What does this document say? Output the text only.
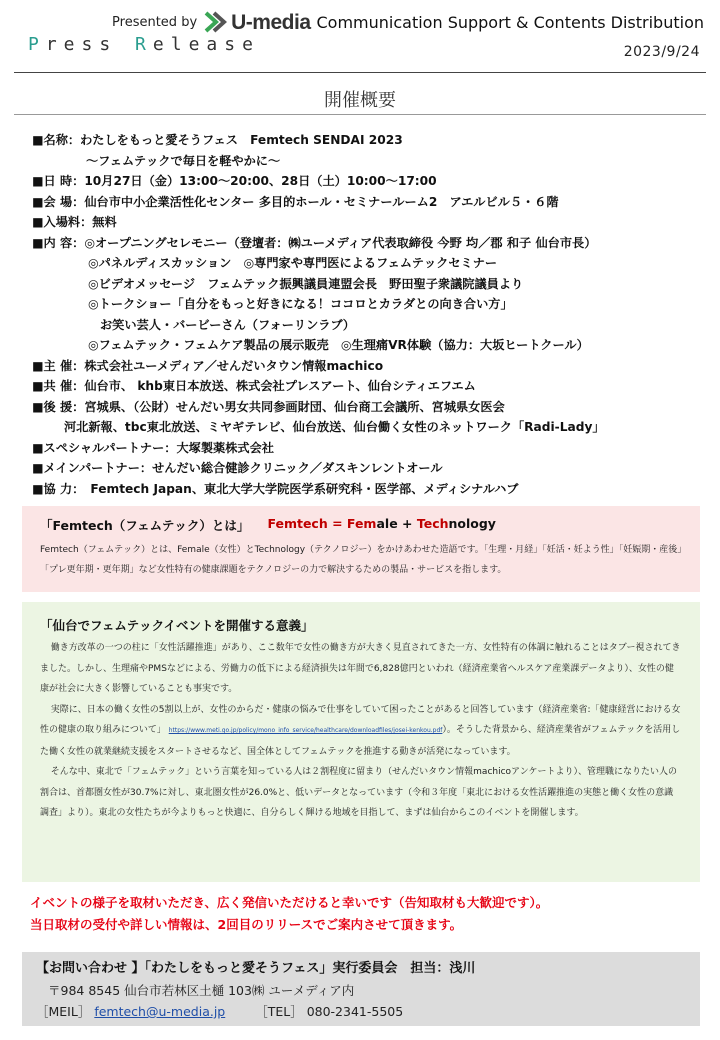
Presented by U-media Communication Support & Contents Distribution
Press Release	2023/9/24
開催概要
■名称：わたしをもっと愛そうフェス　Femtech SENDAI 2023
～フェムテックで毎日を軽やかに～
■日 時：10月27日（金）13:00～20:00、28日（土）10:00～17:00
■会 場：仙台市中小企業活性化センター 多目的ホール・セミナールーム2　アエルビル５・６階
■入場料：無料
■内 容：◎オープニングセレモニー（登壇者：㈱ユーメディア代表取締役 今野 均／郡 和子 仙台市長）
◎パネルディスカッション　◎専門家や専門医によるフェムテックセミナー
◎ビデオメッセージ　フェムテック振興議員連盟会長　野田聖子衆議院議員より
◎トークショー「自分をもっと好きになる！ココロとカラダとの向き合い方」
お笑い芸人・バービーさん（フォーリンラブ）
◎フェムテック・フェムケア製品の展示販売　◎生理痛VR体験（協力：大坂ヒートクール）
■主 催：株式会社ユーメディア／せんだいタウン情報machico
■共 催：仙台市、 khb東日本放送、株式会社プレスアート、仙台シティエフエム
■後 援：宮城県、（公財）せんだい男女共同参画財団、仙台商工会議所、宮城県女医会
河北新報、tbc東北放送、ミヤギテレビ、仙台放送、仙台働く女性のネットワーク「Radi-Lady」
■スペシャルパートナー：大塚製薬株式会社
■メインパートナー：せんだい総合健診クリニック／ダスキンレントオール
■協 力：　Femtech Japan、東北大学大学院医学系研究科・医学部、メディシナルハブ
「Femtech（フェムテック）とは」 Femtech = Female + Technology
Femtech（フェムテック）とは、Female（女性）とTechnology（テクノロジー）をかけあわせた造語です。「生理・月経」「妊活・妊よう性」「妊娠期・産後」「プレ更年期・更年期」など女性特有の健康課題をテクノロジーの力で解決するための製品・サービスを指します。
「仙台でフェムテックイベントを開催する意義」

働き方改革の一つの柱に「女性活躍推進」があり、ここ数年で女性の働き方が大きく見直されてきた一方、女性特有の体調に触れることはタブー視されてきました。しかし、生理痛やPMSなどによる、労働力の低下による経済損失は年間で6,828億円といわれ（経済産業省ヘルスケア産業課データより）、女性の健康が社会に大きく影響していることも事実です。

実際に、日本の働く女性の5割以上が、女性のからだ・健康の悩みで仕事をしていて困ったことがあると回答しています（経済産業省:「健康経営における女性の健康の取り組みについて」 https://www.meti.go.jp/policy/mono_info_service/healthcare/downloadfiles/josei-kenkou.pdf）。そうした背景から、経済産業省がフェムテックを活用した働く女性の就業継続支援をスタートさせるなど、国全体としてフェムテックを推進する動きが活発になっています。

そんな中、東北で「フェムテック」という言葉を知っている人は２割程度に留まり（せんだいタウン情報machicoアンケートより）、管理職になりたい人の割合は、首都圏女性が30.7%に対し、東北圏女性が26.0%と、低いデータとなっています（令和３年度「東北における女性活躍推進の実態と働く女性の意識調査」より）。東北の女性たちが今よりもっと快適に、自分らしく輝ける地域を目指して、まずは仙台からこのイベントを開催します。

イベントの様子を取材いただき、広く発信いただけると幸いです（告知取材も大歓迎です）。
当日取材の受付や詳しい情報は、2回目のリリースでご案内させて頂きます。
【お問い合わせ 】「わたしをもっと愛そうフェス」実行委員会　担当：浅川
〒984 8545 仙台市若林区土樋 103㈱ ユーメディア内
［MEIL］ femtech@u-media.jp ［TEL］ 080-2341-5505
